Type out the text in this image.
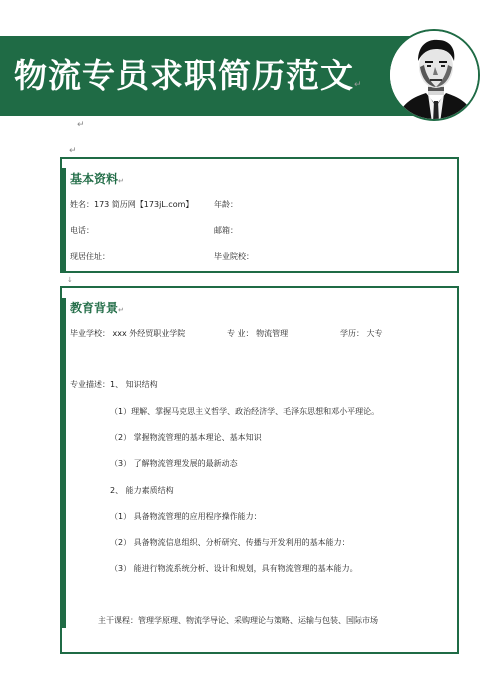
物流专员求职简历范文↵
↵
↵
基本资料↵
姓名：173 简历网【173jL.com】	年龄：
电话：	邮箱：
现居住址：	毕业院校：
↓
教育背景↵
毕业学校： xxx 外经贸职业学院	专 业： 物流管理	学历： 大专
专业描述：1、 知识结构
（1）理解、掌握马克思主义哲学、政治经济学、毛泽东思想和邓小平理论。
（2） 掌握物流管理的基本理论、基本知识
（3） 了解物流管理发展的最新动态
2、 能力素质结构
（1） 具备物流管理的应用程序操作能力：
（2） 具备物流信息组织、分析研究、传播与开发利用的基本能力：
（3） 能进行物流系统分析、设计和规划，具有物流管理的基本能力。
主干课程：管理学原理、物流学导论、采购理论与策略、运输与包装、国际市场
